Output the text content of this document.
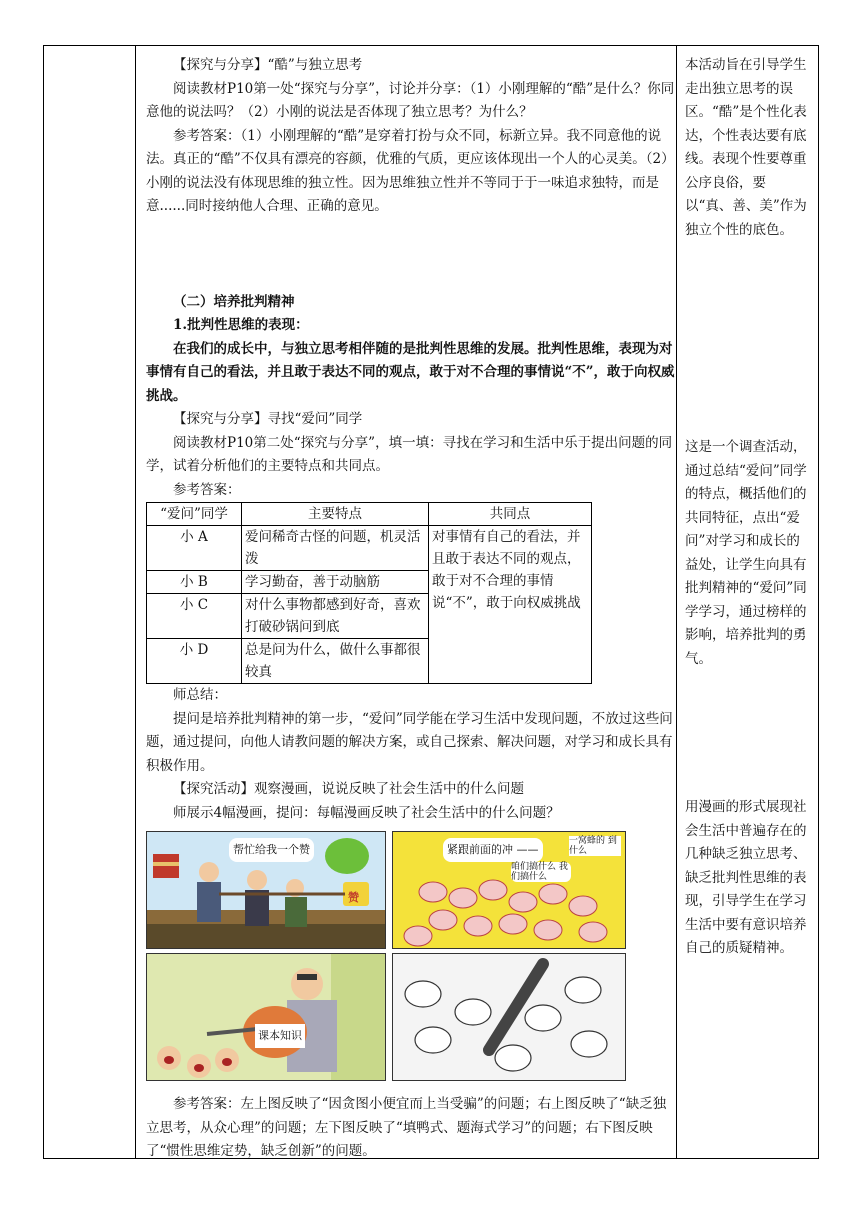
【探究与分享】“酷”与独立思考

阅读教材P10第一处“探究与分享”，讨论并分享：（1）小刚理解的“酷”是什么？你同意他的说法吗？（2）小刚的说法是否体现了独立思考？为什么？

参考答案：（1）小刚理解的“酷”是穿着打扮与众不同，标新立异。我不同意他的说法。真正的“酷”不仅具有漂亮的容颜，优雅的气质，更应该体现出一个人的心灵美。（2）小刚的说法没有体现思维的独立性。因为思维独立性并不等同于于一味追求独特，而是意......同时接纳他人合理、正确的意见。

（二）培养批判精神

1.批判性思维的表现：

在我们的成长中，与独立思考相伴随的是批判性思维的发展。批判性思维，表现为对事情有自己的看法，并且敢于表达不同的观点，敢于对不合理的事情说“不”，敢于向权威挑战。

【探究与分享】寻找“爱问”同学

阅读教材P10第二处“探究与分享”，填一填：寻找在学习和生活中乐于提出问题的同学，试着分析他们的主要特点和共同点。

参考答案：

“爱问”同学	主要特点	共同点
小 A	爱问稀奇古怪的问题，机灵活泼	对事情有自己的看法，并且敢于表达不同的观点，敢于对不合理的事情说“不”，敢于向权威挑战
小 B	学习勤奋，善于动脑筋	
小 C	对什么事物都感到好奇，喜欢打破砂锅问到底	
小 D	总是问为什么，做什么事都很较真	

师总结：

提问是培养批判精神的第一步，“爱问”同学能在学习生活中发现问题，不放过这些问题，通过提问，向他人请教问题的解决方案，或自己探索、解决问题，对学习和成长具有积极作用。

【探究活动】观察漫画，说说反映了社会生活中的什么问题

师展示4幅漫画，提问：每幅漫画反映了社会生活中的什么问题？

帮忙给我一个赞
赞
紧跟前面的冲 ——
一窝蜂的 到什么
咱们搞什么 我们搞什么
课本知识

参考答案：左上图反映了“因贪图小便宜而上当受骗”的问题；右上图反映了“缺乏独立思考，从众心理”的问题；左下图反映了“填鸭式、题海式学习”的问题；右下图反映了“惯性思维定势，缺乏创新”的问题。

本活动旨在引导学生走出独立思考的误区。“酷”是个性化表达，个性表达要有底线。表现个性要尊重公序良俗，要以“真、善、美”作为独立个性的底色。
这是一个调查活动，通过总结“爱问”同学的特点，概括他们的共同特征，点出“爱问”对学习和成长的益处，让学生向具有批判精神的“爱问”同学学习，通过榜样的影响，培养批判的勇气。
用漫画的形式展现社会生活中普遍存在的几种缺乏独立思考、缺乏批判性思维的表现，引导学生在学习生活中要有意识培养自己的质疑精神。
